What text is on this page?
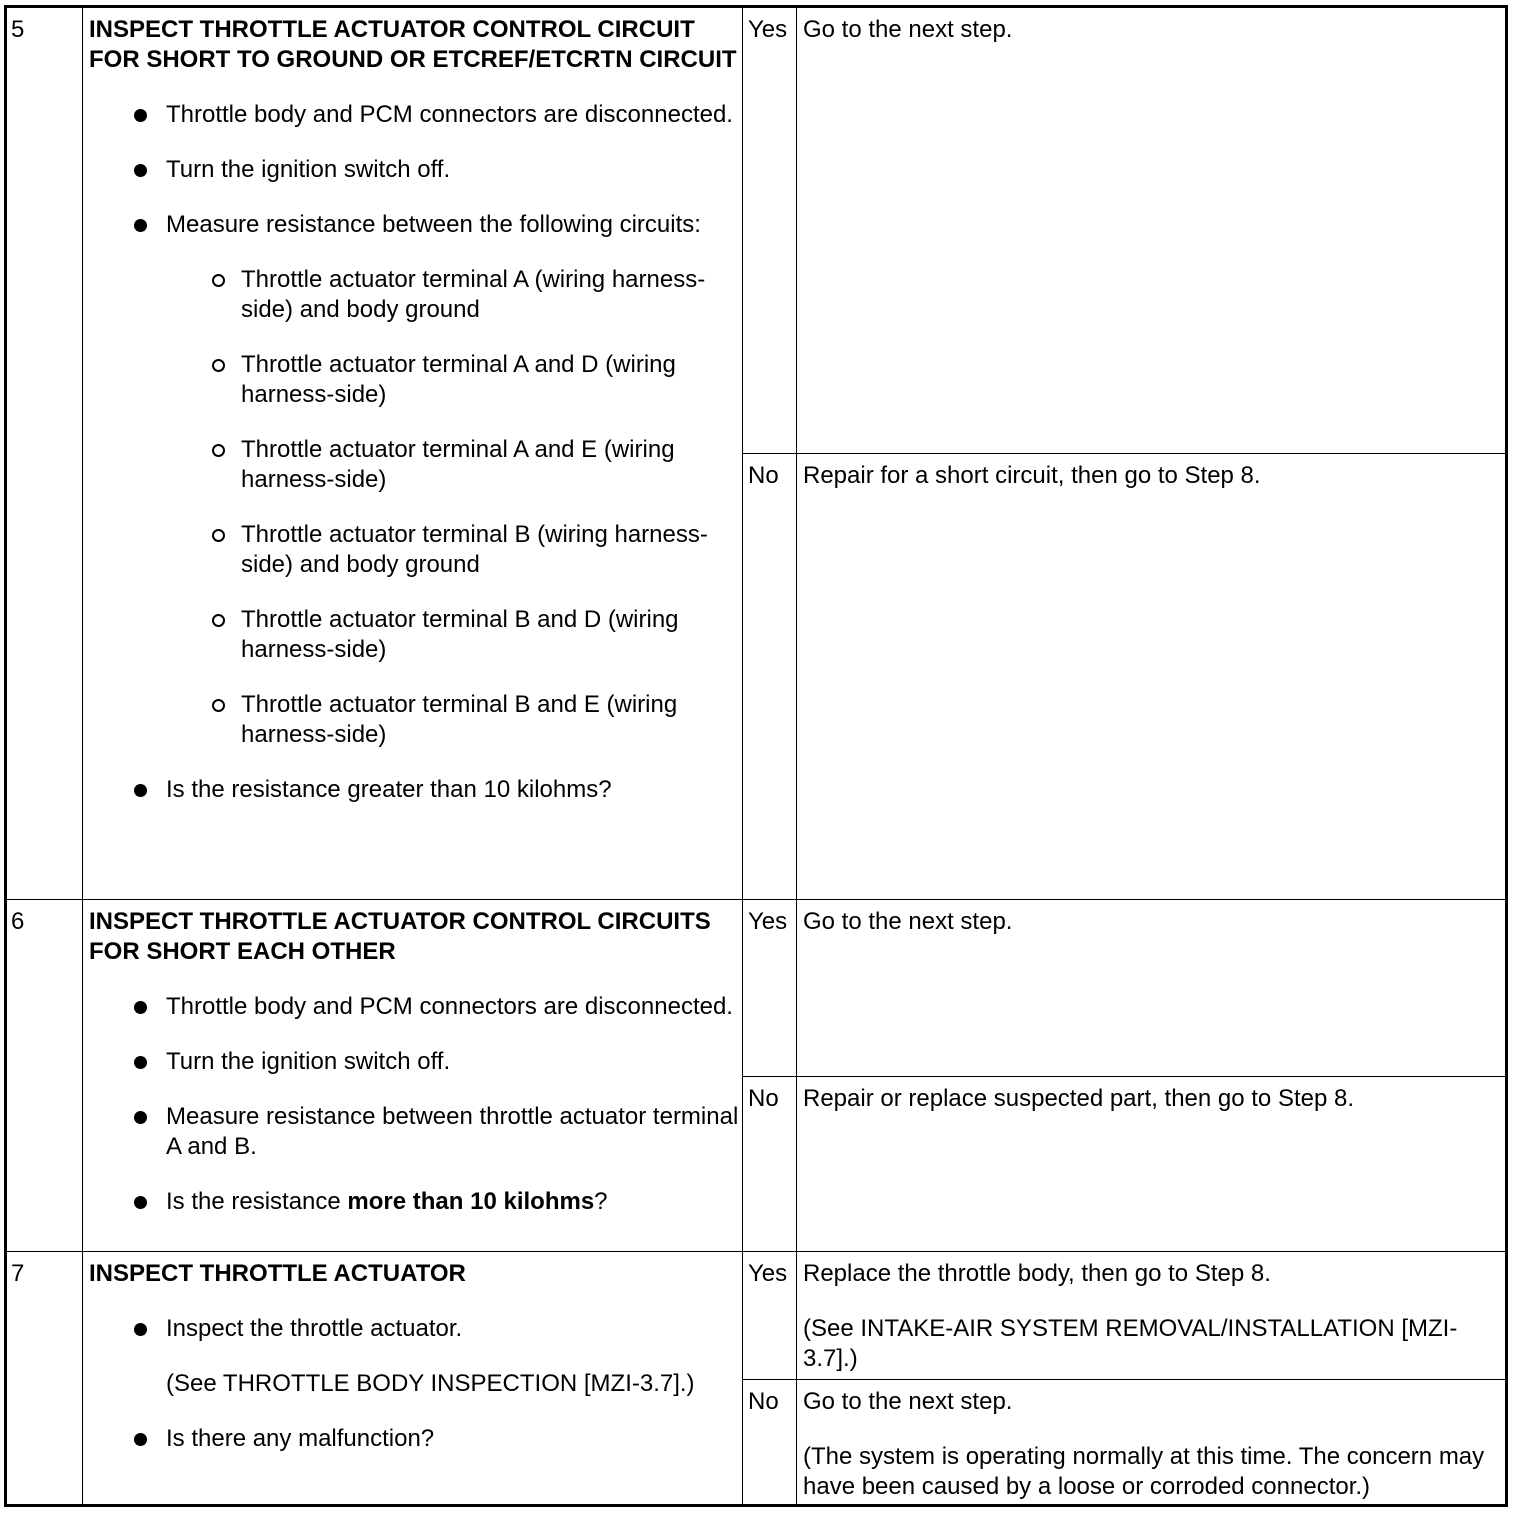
5	INSPECT THROTTLE ACTUATOR CONTROL CIRCUIT FOR SHORT TO GROUND OR ETCREF/ETCRTN CIRCUIT

Throttle body and PCM connectors are disconnected.
Turn the ignition switch off.
Measure resistance between the following circuits:
Throttle actuator terminal A (wiring harness-side) and body ground
Throttle actuator terminal A and D (wiring harness-side)
Throttle actuator terminal A and E (wiring harness-side)
Throttle actuator terminal B (wiring harness-side) and body ground
Throttle actuator terminal B and D (wiring harness-side)
Throttle actuator terminal B and E (wiring harness-side)
Is the resistance greater than 10 kilohms?
Yes Go to the next step.

No Repair for a short circuit, then go to Step 8.

6	INSPECT THROTTLE ACTUATOR CONTROL CIRCUITS FOR SHORT EACH OTHER

Throttle body and PCM connectors are disconnected.
Turn the ignition switch off.
Measure resistance between throttle actuator terminal A and B.
Is the resistance more than 10 kilohms?
Yes Go to the next step.

No Repair or replace suspected part, then go to Step 8.

7	INSPECT THROTTLE ACTUATOR

Inspect the throttle actuator.
(See THROTTLE BODY INSPECTION [MZI-3.7].)
Is there any malfunction?
Yes Replace the throttle body, then go to Step 8.

(See INTAKE-AIR SYSTEM REMOVAL/INSTALLATION [MZI-3.7].)

No Go to the next step.

(The system is operating normally at this time. The concern may have been caused by a loose or corroded connector.)
